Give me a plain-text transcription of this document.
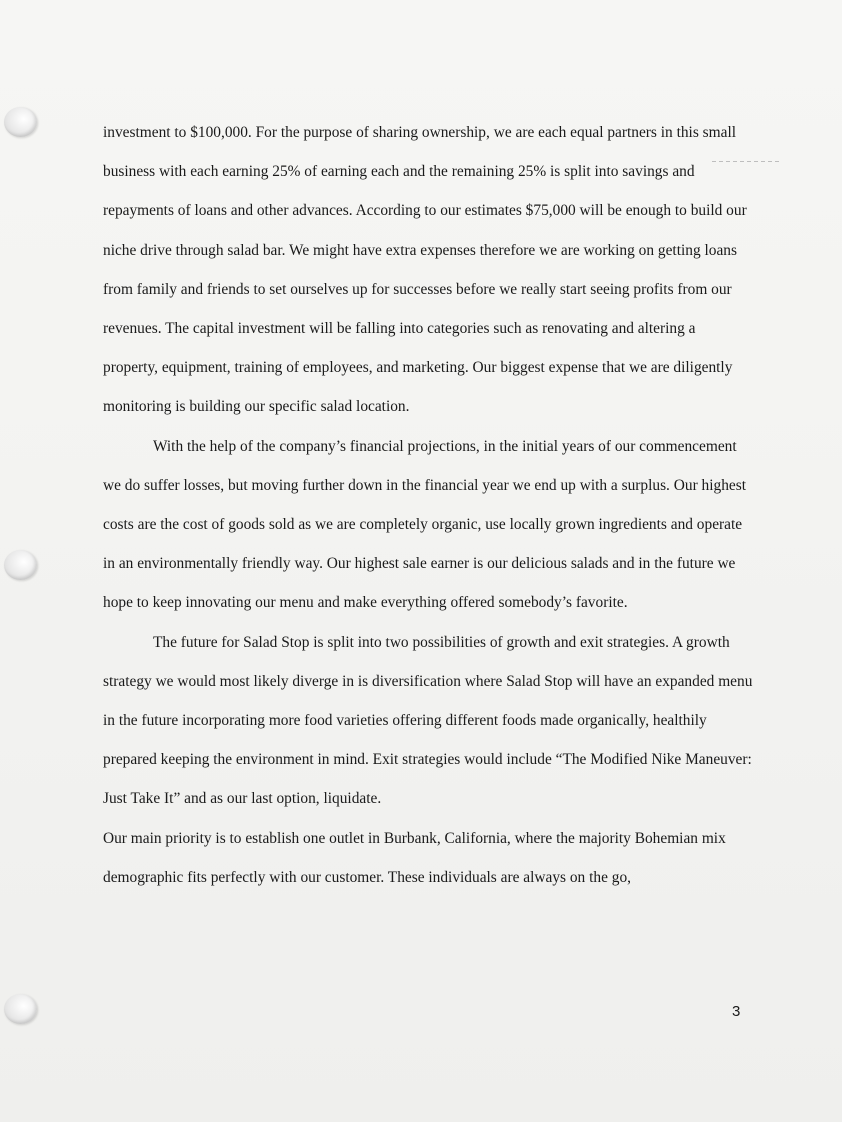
investment to $100,000. For the purpose of sharing ownership, we are each equal partners in this small business with each earning 25% of earning each and the remaining 25% is split into savings and repayments of loans and other advances. According to our estimates $75,000 will be enough to build our niche drive through salad bar. We might have extra expenses therefore we are working on getting loans from family and friends to set ourselves up for successes before we really start seeing profits from our revenues. The capital investment will be falling into categories such as renovating and altering a property, equipment, training of employees, and marketing. Our biggest expense that we are diligently monitoring is building our specific salad location.

With the help of the company’s financial projections, in the initial years of our commencement we do suffer losses, but moving further down in the financial year we end up with a surplus. Our highest costs are the cost of goods sold as we are completely organic, use locally grown ingredients and operate in an environmentally friendly way. Our highest sale earner is our delicious salads and in the future we hope to keep innovating our menu and make everything offered somebody’s favorite.

The future for Salad Stop is split into two possibilities of growth and exit strategies. A growth strategy we would most likely diverge in is diversification where Salad Stop will have an expanded menu in the future incorporating more food varieties offering different foods made organically, healthily prepared keeping the environment in mind. Exit strategies would include “The Modified Nike Maneuver: Just Take It” and as our last option, liquidate.

Our main priority is to establish one outlet in Burbank, California, where the majority Bohemian mix demographic fits perfectly with our customer. These individuals are always on the go,

3
